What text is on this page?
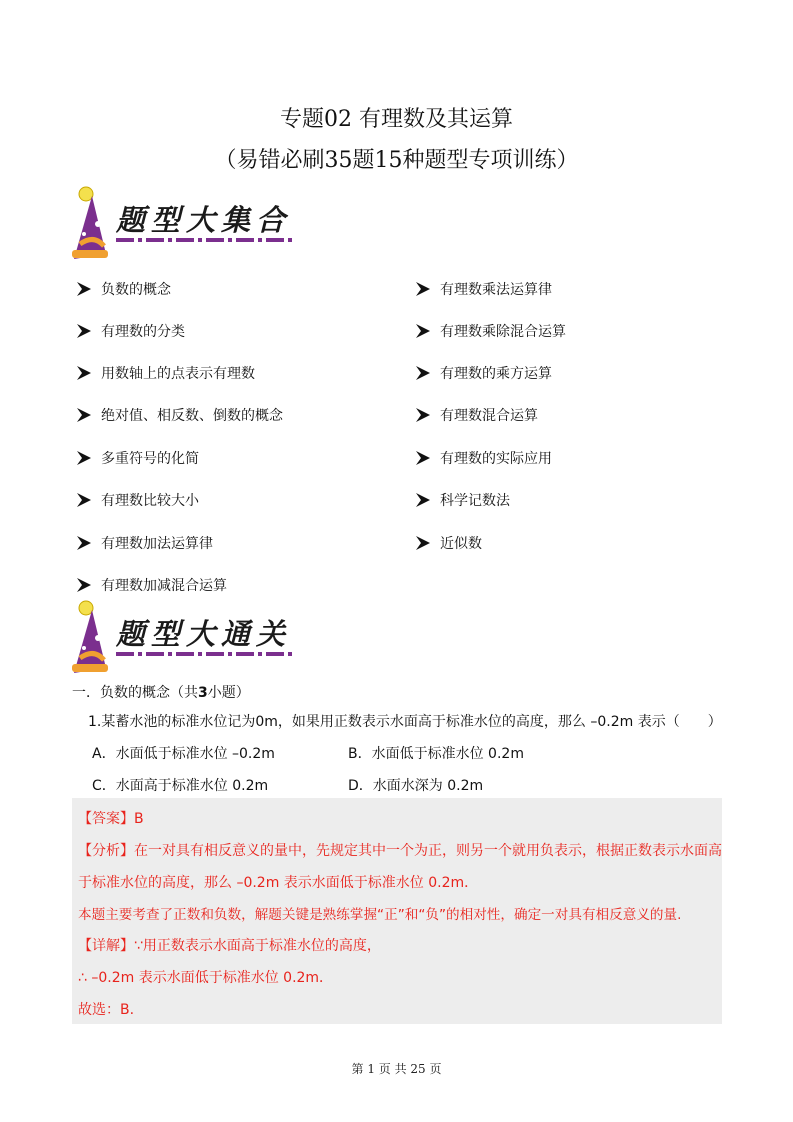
专题02 有理数及其运算
（易错必刷35题15种题型专项训练）
题型大集合
负数的概念
有理数的分类
用数轴上的点表示有理数
绝对值、相反数、倒数的概念
多重符号的化简
有理数比较大小
有理数加法运算律
有理数加减混合运算
有理数乘法运算律
有理数乘除混合运算
有理数的乘方运算
有理数混合运算
有理数的实际应用
科学记数法
近似数
题型大通关
一．负数的概念（共3小题）
1.某蓄水池的标准水位记为0m，如果用正数表示水面高于标准水位的高度，那么 –0.2m 表示（　　）
A．水面低于标准水位 –0.2m	B．水面低于标准水位 0.2m
C．水面高于标准水位 0.2m	D．水面水深为 0.2m
【答案】B
【分析】在一对具有相反意义的量中，先规定其中一个为正，则另一个就用负表示，根据正数表示水面高
于标准水位的高度，那么 –0.2m 表示水面低于标准水位 0.2m．
本题主要考查了正数和负数，解题关键是熟练掌握“正”和“负”的相对性，确定一对具有相反意义的量.
【详解】∵用正数表示水面高于标准水位的高度，
∴ –0.2m 表示水面低于标准水位 0.2m．
故选：B.
第 1 页 共 25 页
